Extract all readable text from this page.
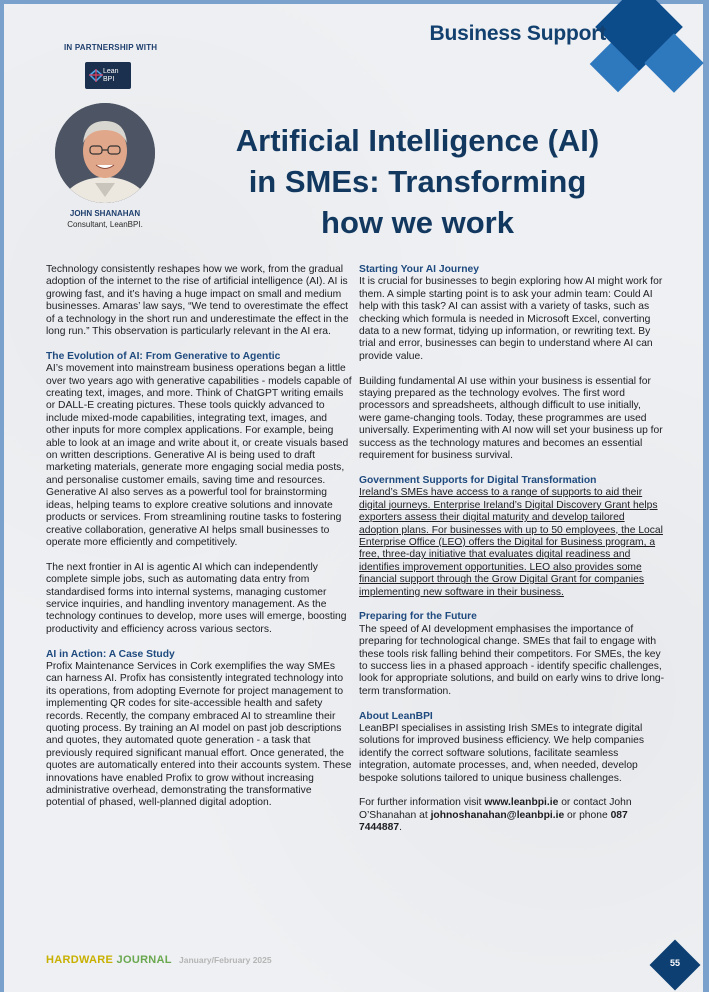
Business Support
IN PARTNERSHIP WITH
Lean BPI
JOHN SHANAHAN
Consultant, LeanBPI.
Artificial Intelligence (AI)
in SMEs: Transforming
how we work

Technology consistently reshapes how we work, from the gradual adoption of the internet to the rise of artificial intelligence (AI). AI is growing fast, and it’s having a huge impact on small and medium businesses. Amaras’ law says, “We tend to overestimate the effect of a technology in the short run and underestimate the effect in the long run.” This observation is particularly relevant in the AI era.

The Evolution of AI: From Generative to Agentic

AI’s movement into mainstream business operations began a little over two years ago with generative capabilities - models capable of creating text, images, and more. Think of ChatGPT writing emails or DALL-E creating pictures. These tools quickly advanced to include mixed-mode capabilities, integrating text, images, and other inputs for more complex applications. For example, being able to look at an image and write about it, or create visuals based on written descriptions. Generative AI is being used to draft marketing materials, generate more engaging social media posts, and personalise customer emails, saving time and resources. Generative AI also serves as a powerful tool for brainstorming ideas, helping teams to explore creative solutions and innovate products or services. From streamlining routine tasks to fostering creative collaboration, generative AI helps small businesses to operate more efficiently and competitively.

The next frontier in AI is agentic AI which can independently complete simple jobs, such as automating data entry from standardised forms into internal systems, managing customer service inquiries, and handling inventory management. As the technology continues to develop, more uses will emerge, boosting productivity and efficiency across various sectors.

AI in Action: A Case Study

Profix Maintenance Services in Cork exemplifies the way SMEs can harness AI. Profix has consistently integrated technology into its operations, from adopting Evernote for project management to implementing QR codes for site-accessible health and safety records. Recently, the company embraced AI to streamline their quoting process. By training an AI model on past job descriptions and quotes, they automated quote generation - a task that previously required significant manual effort. Once generated, the quotes are automatically entered into their accounts system. These innovations have enabled Profix to grow without increasing administrative overhead, demonstrating the transformative potential of phased, well-planned digital adoption.

Starting Your AI Journey

It is crucial for businesses to begin exploring how AI might work for them. A simple starting point is to ask your admin team: Could AI help with this task? AI can assist with a variety of tasks, such as checking which formula is needed in Microsoft Excel, converting data to a new format, tidying up information, or rewriting text. By trial and error, businesses can begin to understand where AI can provide value.

Building fundamental AI use within your business is essential for staying prepared as the technology evolves. The first word processors and spreadsheets, although difficult to use initially, were game-changing tools. Today, these programmes are used universally. Experimenting with AI now will set your business up for success as the technology matures and becomes an essential requirement for business survival.

Government Supports for Digital Transformation

Ireland’s SMEs have access to a range of supports to aid their digital journeys. Enterprise Ireland’s Digital Discovery Grant helps exporters assess their digital maturity and develop tailored adoption plans. For businesses with up to 50 employees, the Local Enterprise Office (LEO) offers the Digital for Business program, a free, three-day initiative that evaluates digital readiness and identifies improvement opportunities. LEO also provides some financial support through the Grow Digital Grant for companies implementing new software in their business.

Preparing for the Future

The speed of AI development emphasises the importance of preparing for technological change. SMEs that fail to engage with these tools risk falling behind their competitors. For SMEs, the key to success lies in a phased approach - identify specific challenges, look for appropriate solutions, and build on early wins to drive long-term transformation.

About LeanBPI

LeanBPI specialises in assisting Irish SMEs to integrate digital solutions for improved business efficiency. We help companies identify the correct software solutions, facilitate seamless integration, automate processes, and, when needed, develop bespoke solutions tailored to unique business challenges.

For further information visit www.leanbpi.ie or contact John O’Shanahan at johnoshanahan@leanbpi.ie or phone 087 7444887.

HARDWARE JOURNAL January/February 2025	55
